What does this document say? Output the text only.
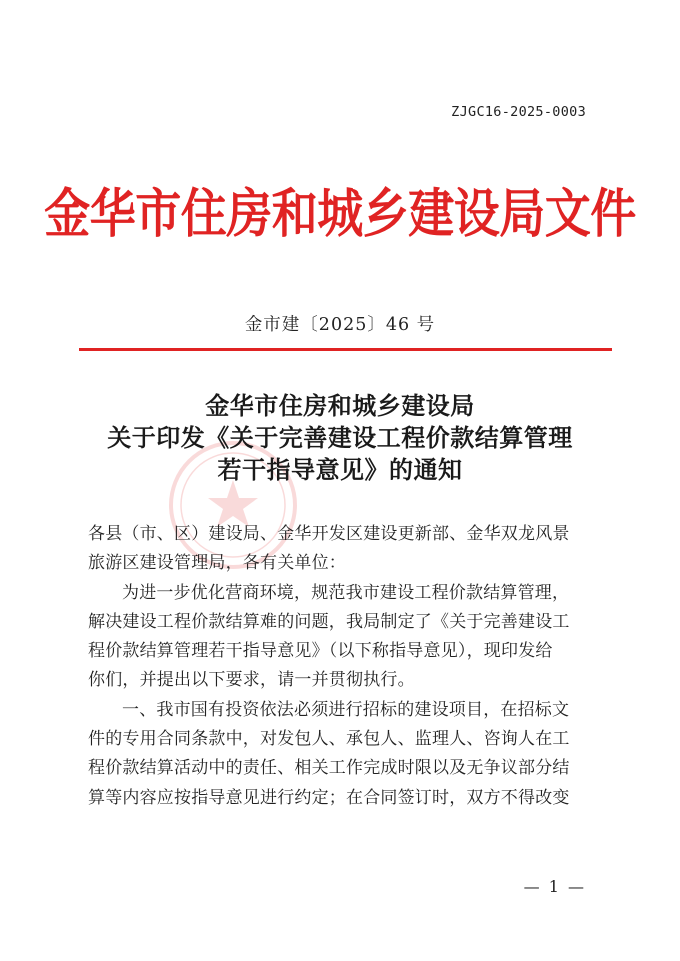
ZJGC16-2025-0003
金华市住房和城乡建设局文件
金市建〔2025〕46 号
金华市住房和城乡建设局
关于印发《关于完善建设工程价款结算管理
若干指导意见》的通知

各县（市、区）建设局、金华开发区建设更新部、金华双龙风景

旅游区建设管理局，各有关单位：

为进一步优化营商环境，规范我市建设工程价款结算管理，

解决建设工程价款结算难的问题，我局制定了《关于完善建设工

程价款结算管理若干指导意见》（以下称指导意见），现印发给

你们，并提出以下要求，请一并贯彻执行。

一、我市国有投资依法必须进行招标的建设项目，在招标文

件的专用合同条款中，对发包人、承包人、监理人、咨询人在工

程价款结算活动中的责任、相关工作完成时限以及无争议部分结

算等内容应按指导意见进行约定；在合同签订时，双方不得改变

— 1 —
